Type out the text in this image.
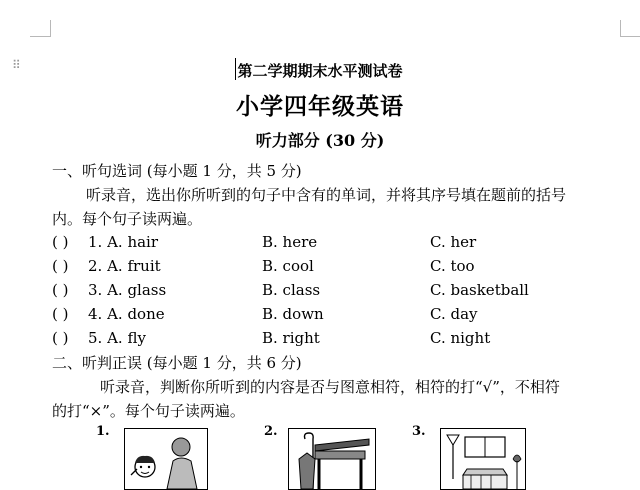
⠿	第二学期期末水平测试卷
小学四年级英语
听力部分 (30 分)
一、听句选词 (每小题 1 分，共 5 分)
听录音，选出你所听到的句子中含有的单词，并将其序号填在题前的括号
内。每个句子读两遍。
( ) 1. A. hair	B. here	C. her
( ) 2. A. fruit	B. cool	C. too
( ) 3. A. glass	B. class	C. basketball
( ) 4. A. done	B. down	C. day
( ) 5. A. fly	B. right	C. night
二、听判正误 (每小题 1 分，共 6 分)
听录音，判断你所听到的内容是否与图意相符，相符的打“√”，不相符
的打“×”。每个句子读两遍。
1.	2.	3.
